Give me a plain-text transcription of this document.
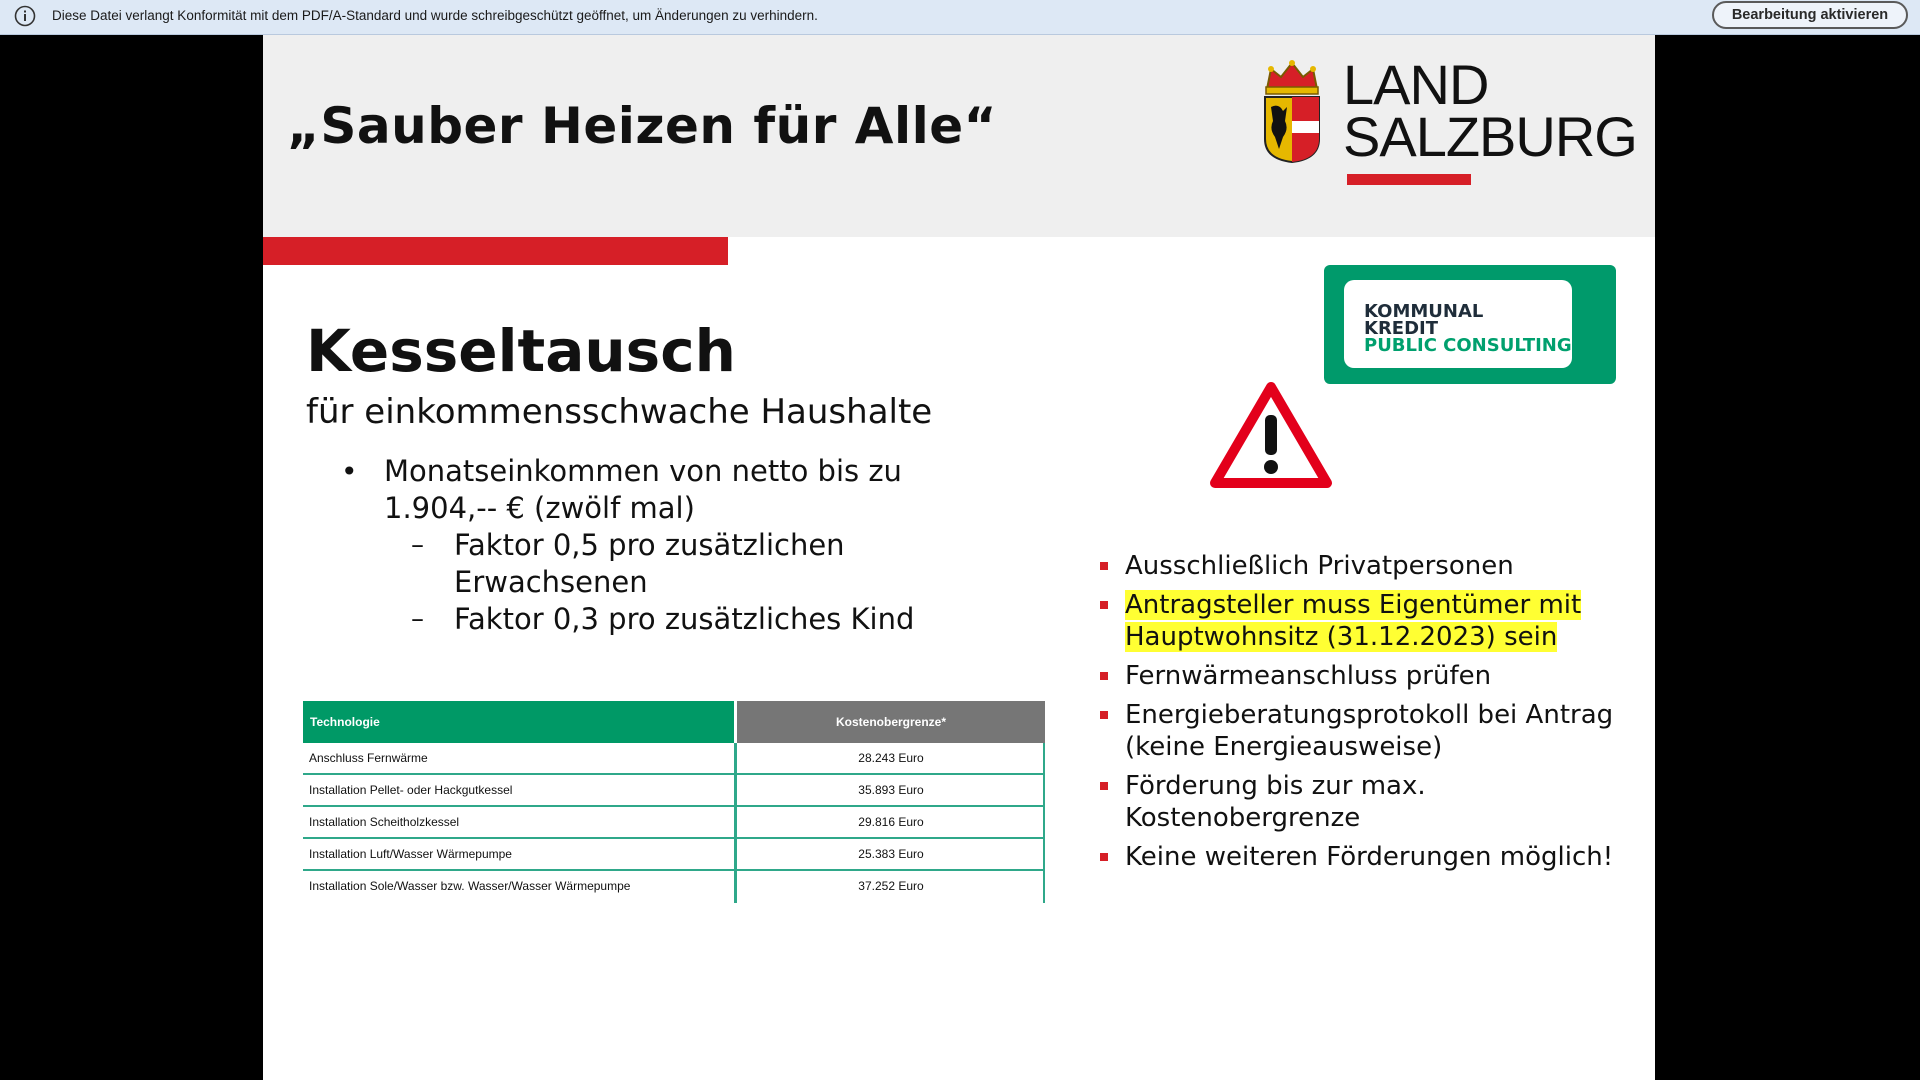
Diese Datei verlangt Konformität mit dem PDF/A-Standard und wurde schreibgeschützt geöffnet, um Änderungen zu verhindern.	Bearbeitung aktivieren
„Sauber Heizen für Alle“
LAND
SALZBURG
KOMMUNAL
KREDIT
PUBLIC CONSULTING
Kesseltausch
für einkommensschwache Haushalte
• Monatseinkommen von netto bis zu
1.904,-- € (zwölf mal)
– Faktor 0,5 pro zusätzlichen
Erwachsenen
– Faktor 0,3 pro zusätzliches Kind
Technologie	Kostenobergrenze*
Anschluss Fernwärme	28.243 Euro
Installation Pellet- oder Hackgutkessel	35.893 Euro
Installation Scheitholzkessel	29.816 Euro
Installation Luft/Wasser Wärmepumpe	25.383 Euro
Installation Sole/Wasser bzw. Wasser/Wasser Wärmepumpe	37.252 Euro
Ausschließlich Privatpersonen
Antragsteller muss Eigentümer mit
Hauptwohnsitz (31.12.2023) sein
Fernwärmeanschluss prüfen
Energieberatungsprotokoll bei Antrag
(keine Energieausweise)
Förderung bis zur max.
Kostenobergrenze
Keine weiteren Förderungen möglich!
